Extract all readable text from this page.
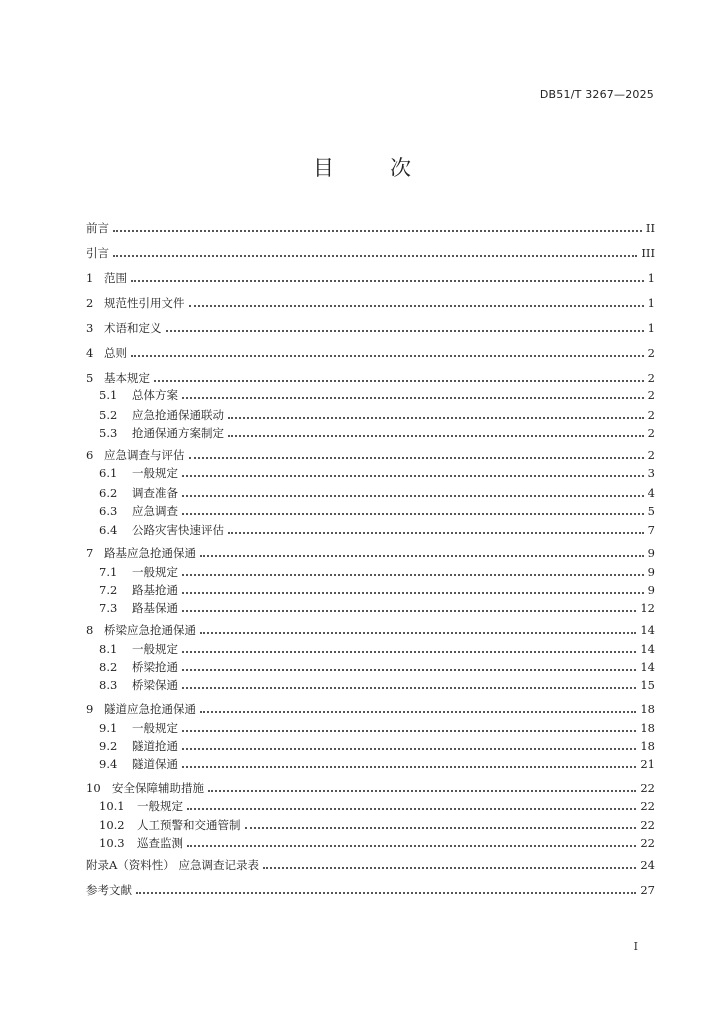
DB51/T 3267—2025
目	次
前言	II
引言	III
1 范围	1
2 规范性引用文件	1
3 术语和定义	1
4 总则	2
5 基本规定	2
5.1	总体方案	2
5.2	应急抢通保通联动	2
5.3	抢通保通方案制定	2
6 应急调查与评估	2
6.1	一般规定	3
6.2	调查准备	4
6.3	应急调查	5
6.4	公路灾害快速评估	7
7 路基应急抢通保通	9
7.1	一般规定	9
7.2	路基抢通	9
7.3	路基保通	12
8 桥梁应急抢通保通	14
8.1	一般规定	14
8.2	桥梁抢通	14
8.3	桥梁保通	15
9 隧道应急抢通保通	18
9.1	一般规定	18
9.2	隧道抢通	18
9.4	隧道保通	21
10 安全保障辅助措施	22
10.1	一般规定	22
10.2	人工预警和交通管制	22
10.3	巡查监测	22
附录A（资料性） 应急调查记录表	24
参考文献	27
I
